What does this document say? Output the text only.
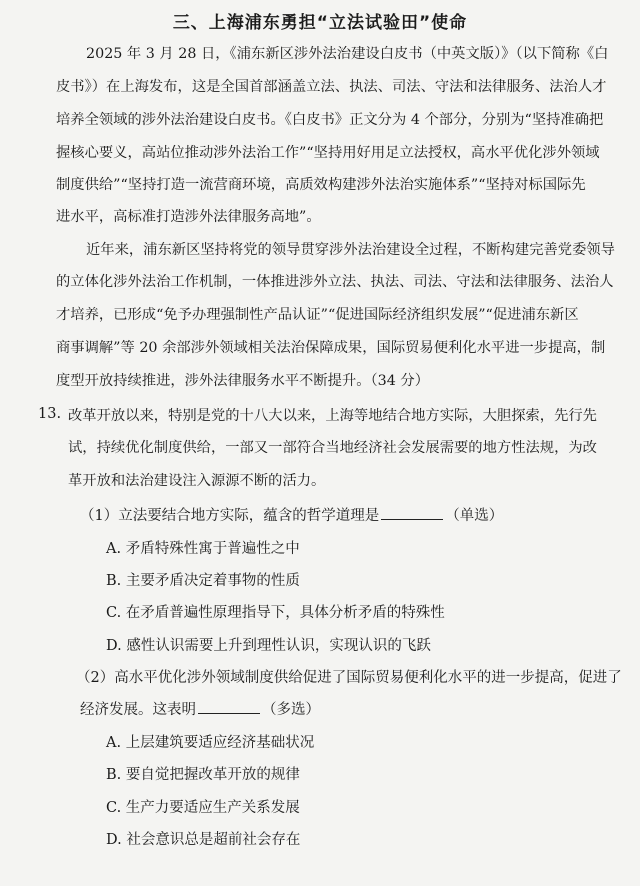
三、上海浦东勇担“立法试验田”使命
2025 年 3 月 28 日，《浦东新区涉外法治建设白皮书（中英文版）》（以下简称《白
皮书》）在上海发布，这是全国首部涵盖立法、执法、司法、守法和法律服务、法治人才
培养全领域的涉外法治建设白皮书。《白皮书》正文分为 4 个部分，分别为“坚持准确把
握核心要义，高站位推动涉外法治工作”“坚持用好用足立法授权，高水平优化涉外领域
制度供给”“坚持打造一流营商环境，高质效构建涉外法治实施体系”“坚持对标国际先
进水平，高标准打造涉外法律服务高地”。
近年来，浦东新区坚持将党的领导贯穿涉外法治建设全过程，不断构建完善党委领导
的立体化涉外法治工作机制，一体推进涉外立法、执法、司法、守法和法律服务、法治人
才培养，已形成“免予办理强制性产品认证”“促进国际经济组织发展”“促进浦东新区
商事调解”等 20 余部涉外领域相关法治保障成果，国际贸易便利化水平进一步提高，制
度型开放持续推进，涉外法律服务水平不断提升。（34 分）
13. 改革开放以来，特别是党的十八大以来，上海等地结合地方实际，大胆探索，先行先
试，持续优化制度供给，一部又一部符合当地经济社会发展需要的地方性法规，为改
革开放和法治建设注入源源不断的活力。
（1）立法要结合地方实际，蕴含的哲学道理是	（单选）
A. 矛盾特殊性寓于普遍性之中
B. 主要矛盾决定着事物的性质
C. 在矛盾普遍性原理指导下，具体分析矛盾的特殊性
D. 感性认识需要上升到理性认识，实现认识的飞跃
（2）高水平优化涉外领域制度供给促进了国际贸易便利化水平的进一步提高，促进了
经济发展。这表明	（多选）
A. 上层建筑要适应经济基础状况
B. 要自觉把握改革开放的规律
C. 生产力要适应生产关系发展
D. 社会意识总是超前社会存在
